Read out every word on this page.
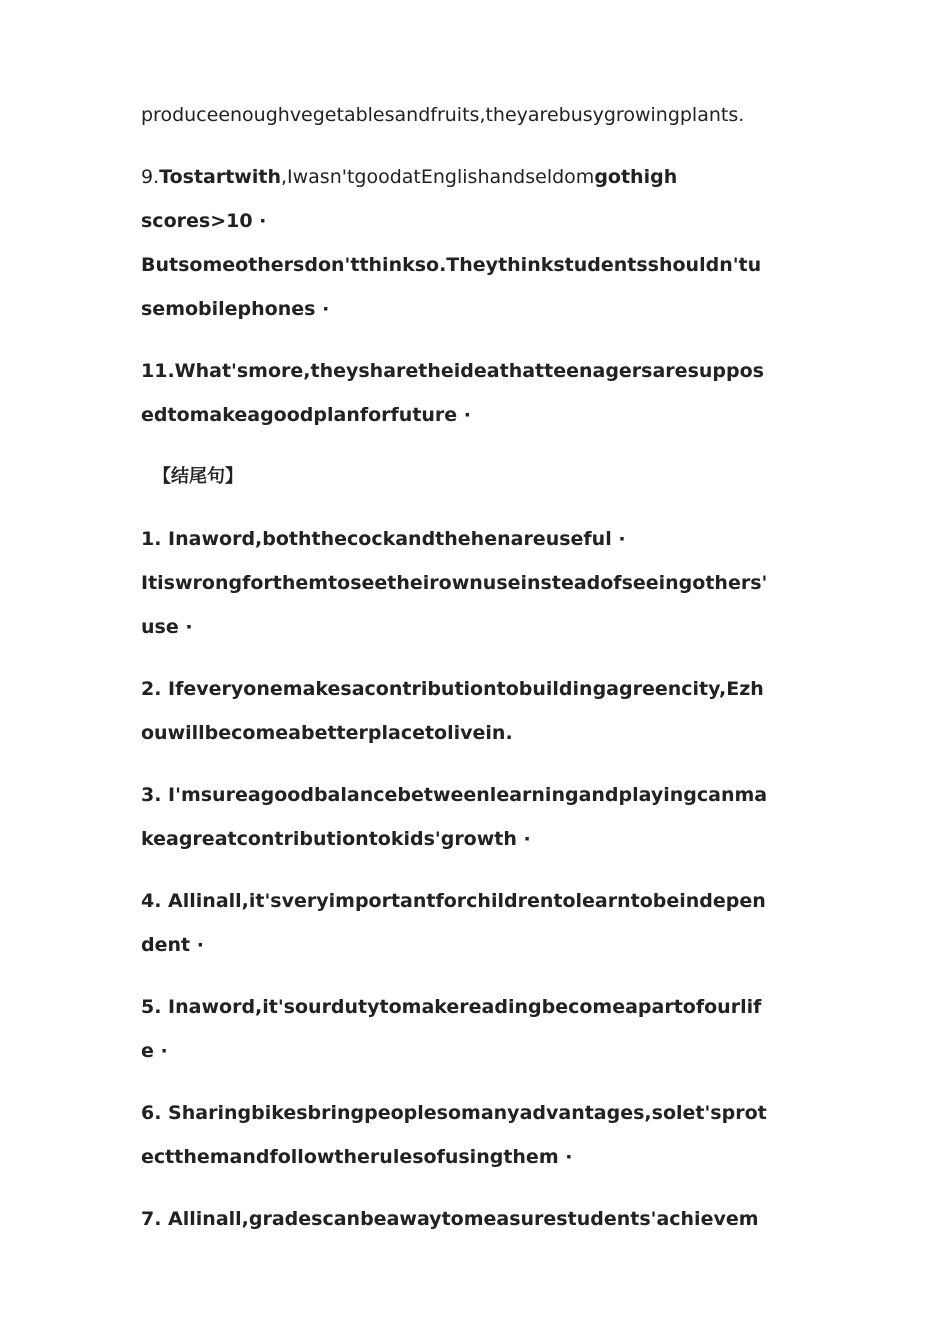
produceenoughvegetablesandfruits,theyarebusygrowingplants.

9.Tostartwith,Iwasn'tgoodatEnglishandseldomgothigh
scores>10 ·
Butsomeothersdon'tthinkso.Theythinkstudentsshouldn'tu
semobilephones ·

11.What'smore,theysharetheideathatteenagersaresuppos
edtomakeagoodplanforfuture ·

【结尾句】

1. Inaword,boththecockandthehenareuseful ·
Itiswrongforthemtoseetheirownuseinsteadofseeingothers'
use ·

2. Ifeveryonemakesacontributiontobuildingagreencity,Ezh
ouwillbecomeabetterplacetolivein.

3. I'msureagoodbalancebetweenlearningandplayingcanma
keagreatcontributiontokids'growth ·

4. Allinall,it'sveryimportantforchildrentolearntobeindepen
dent ·

5. Inaword,it'sourdutytomakereadingbecomeapartofourlif
e ·

6. Sharingbikesbringpeoplesomanyadvantages,solet'sprot
ectthemandfollowtherulesofusingthem ·

7. Allinall,gradescanbeawaytomeasurestudents'achievem
